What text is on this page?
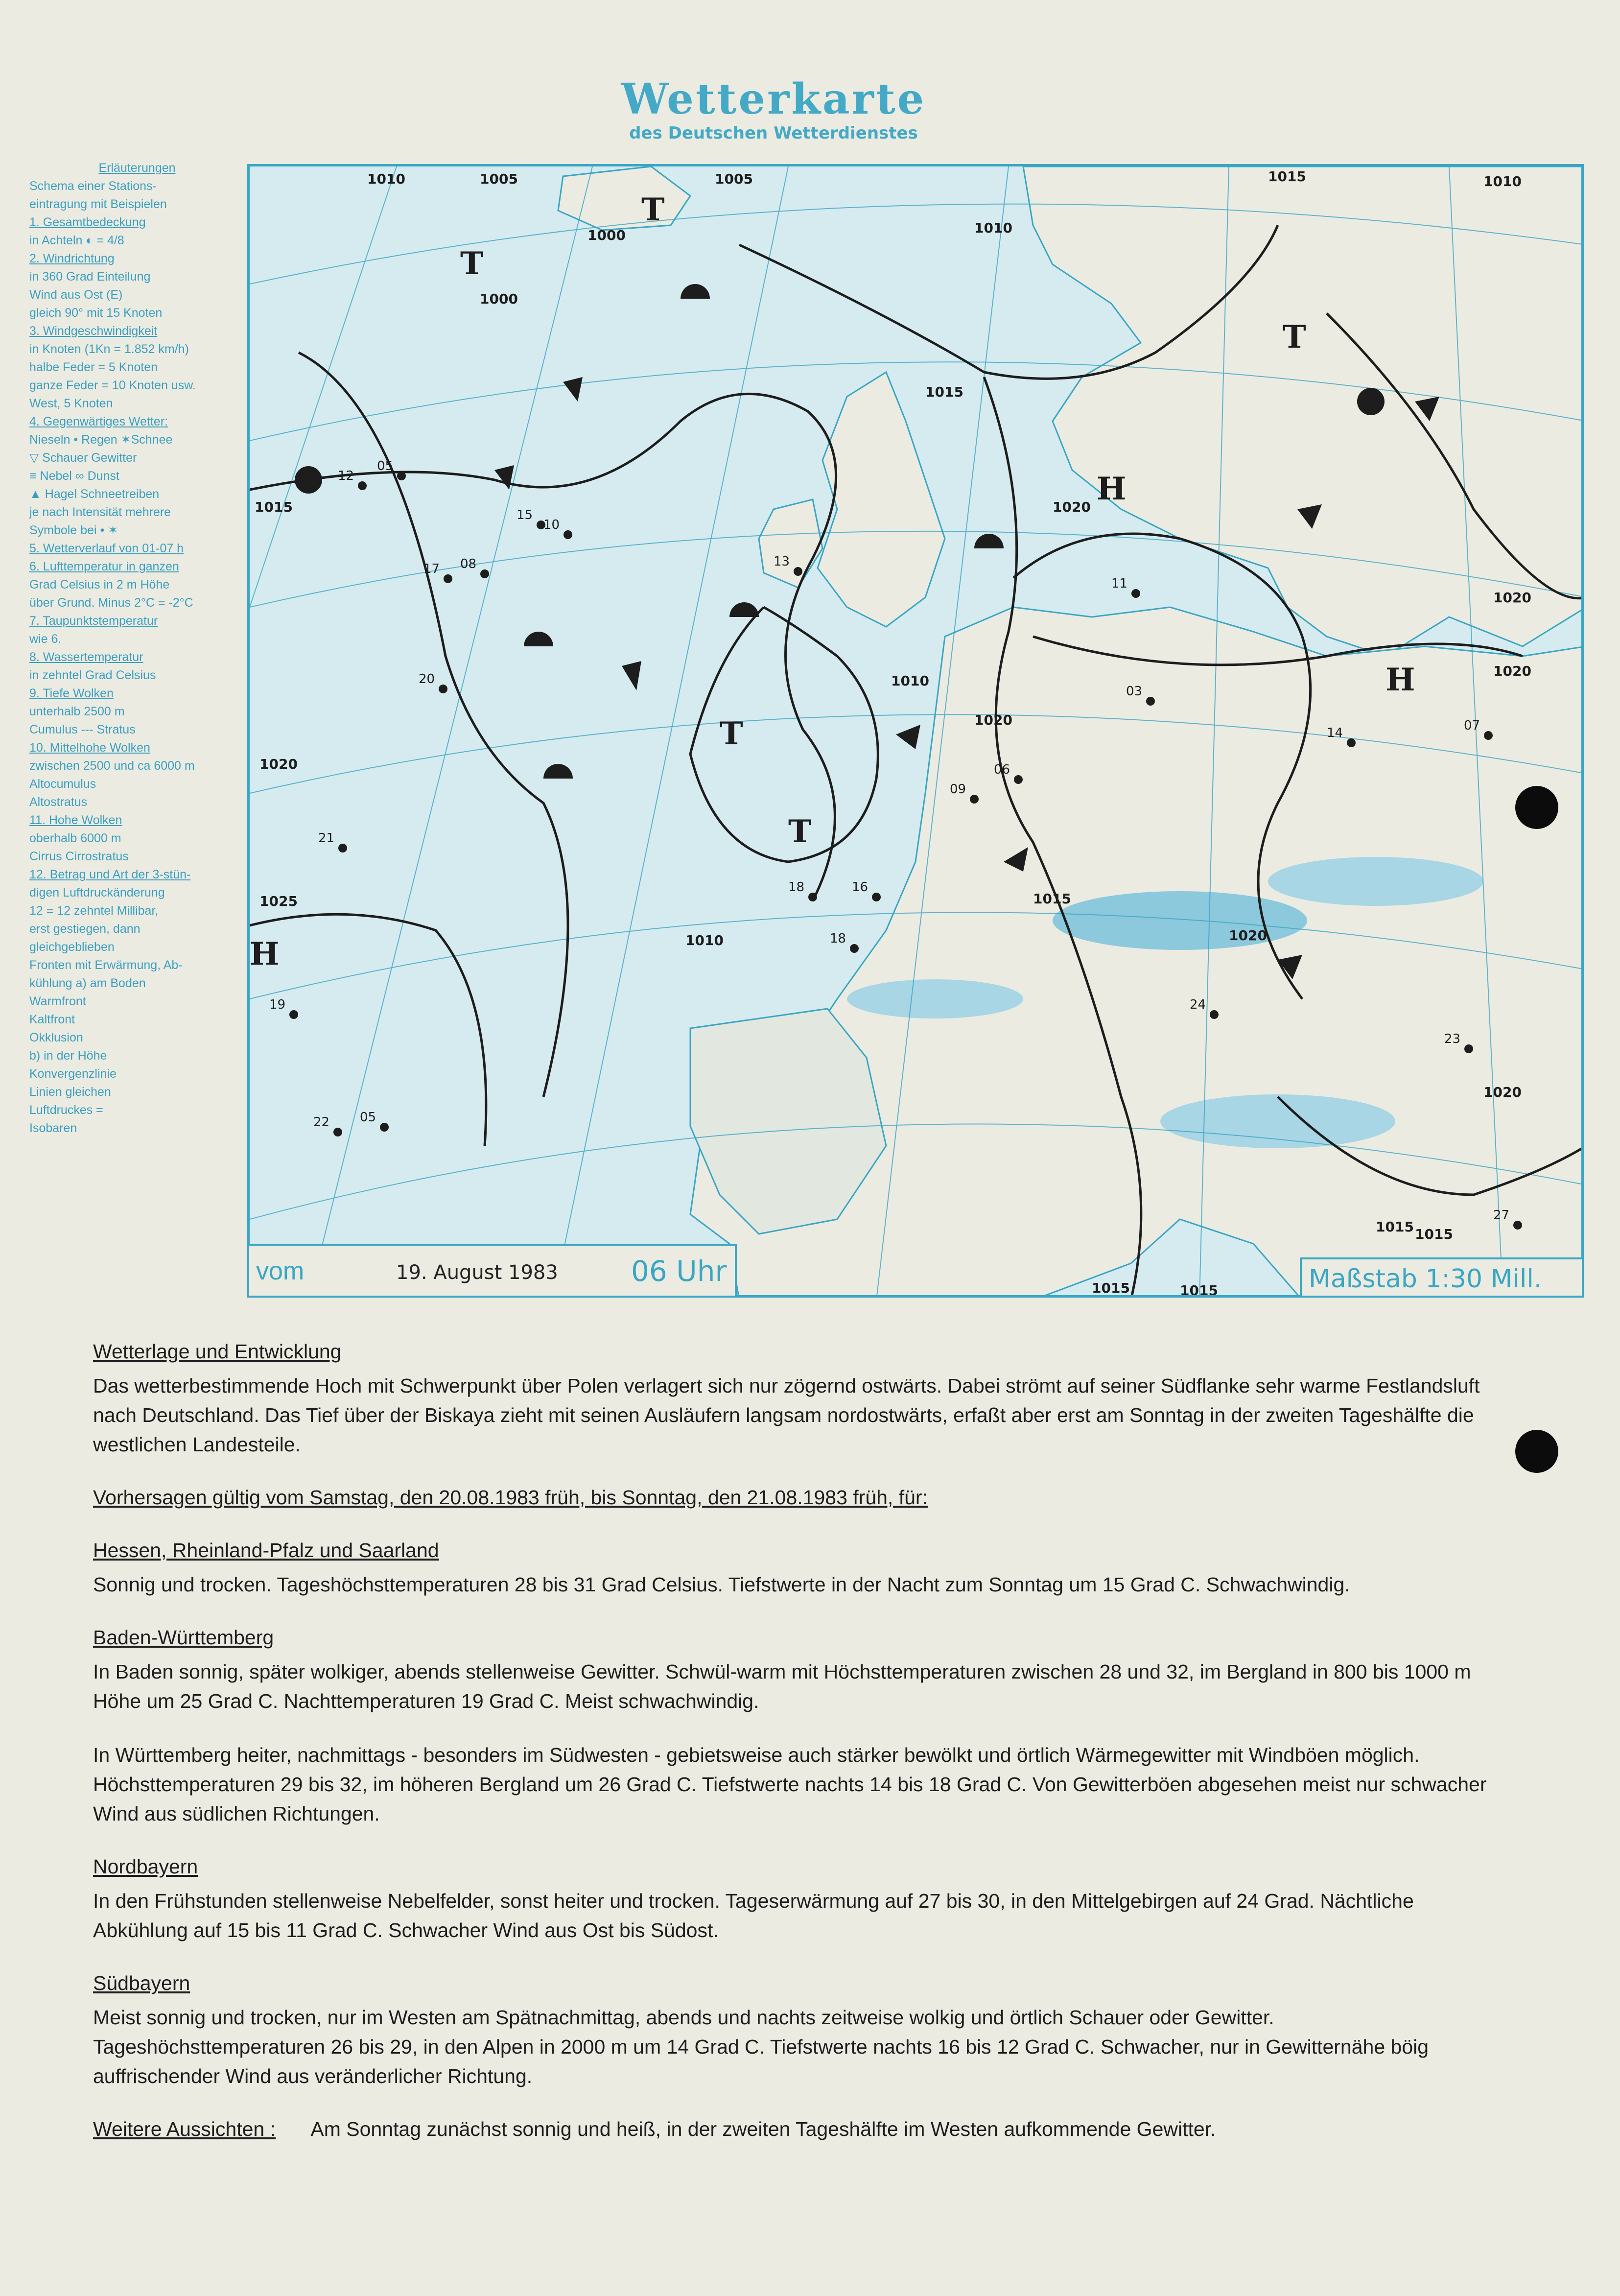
Wetterkarte
des Deutschen Wetterdienstes
Erläuterungen
Schema einer Stations-
eintragung mit Beispielen
1. Gesamtbedeckung
in Achteln ◐ = 4/8
2. Windrichtung
in 360 Grad Einteilung
Wind aus Ost (E)
gleich 90° mit 15 Knoten
3. Windgeschwindigkeit
in Knoten (1Kn = 1.852 km/h)
halbe Feder = 5 Knoten
ganze Feder = 10 Knoten usw.
West, 5 Knoten
4. Gegenwärtiges Wetter:
Nieseln • Regen ✶Schnee
▽ Schauer Gewitter
≡ Nebel ∞ Dunst
▲ Hagel Schneetreiben
je nach Intensität mehrere
Symbole bei • ✶
5. Wetterverlauf von 01-07 h
6. Lufttemperatur in ganzen
Grad Celsius in 2 m Höhe
über Grund. Minus 2°C = -2°C
7. Taupunktstemperatur
wie 6.
8. Wassertemperatur
in zehntel Grad Celsius
9. Tiefe Wolken
unterhalb 2500 m
Cumulus --- Stratus
10. Mittelhohe Wolken
zwischen 2500 und ca 6000 m
Altocumulus
Altostratus
11. Hohe Wolken
oberhalb 6000 m
Cirrus Cirrostratus
12. Betrag und Art der 3-stün-
digen Luftdruckänderung
12 = 12 zehntel Millibar,
erst gestiegen, dann
gleichgeblieben
Fronten mit Erwärmung, Ab-
kühlung a) am Boden
Warmfront
Kaltfront
Okklusion
b) in der Höhe
Konvergenzlinie
Linien gleichen
Luftdruckes =
Isobaren
1010	1005	1005
1000
1000
1010
1015	1010
1015
1020
1020
1015
1020
1020
1010
1020
1025
1010
1015
1020
1015
1015
1015
1015
1020
T
T
T
T
T
H
H
H
12
05
15
10
17 08
20
18	16
21
19
22 05
13
18
14	07
11
09
23
24
27
06
03
vom	19. August 1983	06 Uhr	Maßstab 1:30 Mill.
Wetterlage und Entwicklung

Das wetterbestimmende Hoch mit Schwerpunkt über Polen verlagert sich nur zögernd ostwärts. Dabei strömt auf seiner Südflanke sehr warme Festlandsluft nach Deutschland. Das Tief über der Biskaya zieht mit seinen Ausläufern langsam nordostwärts, erfaßt aber erst am Sonntag in der zweiten Tageshälfte die westlichen Landesteile.

Vorhersagen gültig vom Samstag, den 20.08.1983 früh, bis Sonntag, den 21.08.1983 früh, für:
Hessen, Rheinland-Pfalz und Saarland

Sonnig und trocken. Tageshöchsttemperaturen 28 bis 31 Grad Celsius. Tiefstwerte in der Nacht zum Sonntag um 15 Grad C. Schwachwindig.

Baden-Württemberg

In Baden sonnig, später wolkiger, abends stellenweise Gewitter. Schwül-warm mit Höchsttemperaturen zwischen 28 und 32, im Bergland in 800 bis 1000 m Höhe um 25 Grad C. Nachttemperaturen 19 Grad C. Meist schwachwindig.

In Württemberg heiter, nachmittags - besonders im Südwesten - gebietsweise auch stärker bewölkt und örtlich Wärmegewitter mit Windböen möglich. Höchsttemperaturen 29 bis 32, im höheren Bergland um 26 Grad C. Tiefstwerte nachts 14 bis 18 Grad C. Von Gewitterböen abgesehen meist nur schwacher Wind aus südlichen Richtungen.

Nordbayern

In den Frühstunden stellenweise Nebelfelder, sonst heiter und trocken. Tageserwärmung auf 27 bis 30, in den Mittelgebirgen auf 24 Grad. Nächtliche Abkühlung auf 15 bis 11 Grad C. Schwacher Wind aus Ost bis Südost.

Südbayern

Meist sonnig und trocken, nur im Westen am Spätnachmittag, abends und nachts zeitweise wolkig und örtlich Schauer oder Gewitter. Tageshöchsttemperaturen 26 bis 29, in den Alpen in 2000 m um 14 Grad C. Tiefstwerte nachts 16 bis 12 Grad C. Schwacher, nur in Gewitternähe böig auffrischender Wind aus veränderlicher Richtung.

Weitere Aussichten : Am Sonntag zunächst sonnig und heiß, in der zweiten Tageshälfte im Westen aufkommende Gewitter.
